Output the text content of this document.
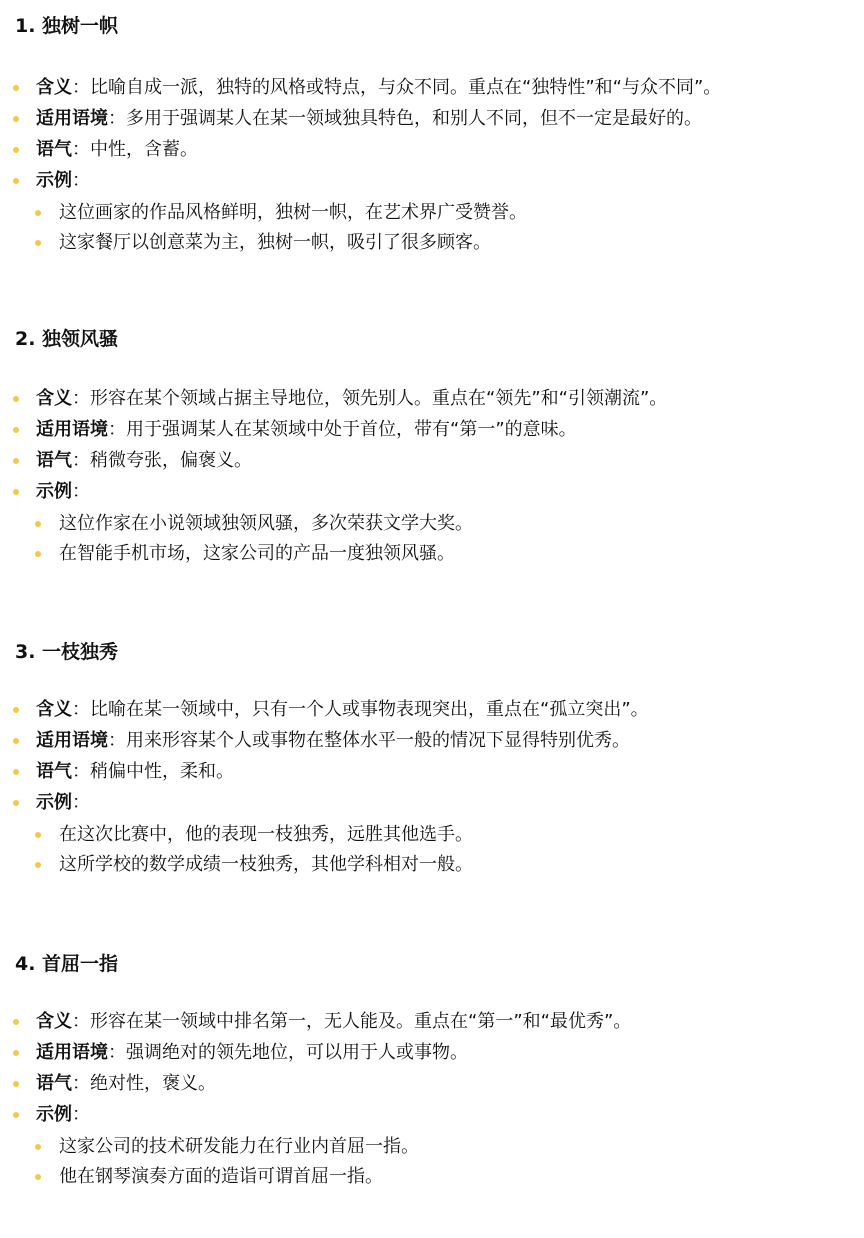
1. 独树一帜
含义：比喻自成一派，独特的风格或特点，与众不同。重点在“独特性”和“与众不同”。
适用语境：多用于强调某人在某一领域独具特色，和别人不同，但不一定是最好的。
语气：中性，含蓄。
示例：
这位画家的作品风格鲜明，独树一帜，在艺术界广受赞誉。
这家餐厅以创意菜为主，独树一帜，吸引了很多顾客。
2. 独领风骚
含义：形容在某个领域占据主导地位，领先别人。重点在“领先”和“引领潮流”。
适用语境：用于强调某人在某领域中处于首位，带有“第一”的意味。
语气：稍微夸张，偏褒义。
示例：
这位作家在小说领域独领风骚，多次荣获文学大奖。
在智能手机市场，这家公司的产品一度独领风骚。
3. 一枝独秀
含义：比喻在某一领域中，只有一个人或事物表现突出，重点在“孤立突出”。
适用语境：用来形容某个人或事物在整体水平一般的情况下显得特别优秀。
语气：稍偏中性，柔和。
示例：
在这次比赛中，他的表现一枝独秀，远胜其他选手。
这所学校的数学成绩一枝独秀，其他学科相对一般。
4. 首屈一指
含义：形容在某一领域中排名第一，无人能及。重点在“第一”和“最优秀”。
适用语境：强调绝对的领先地位，可以用于人或事物。
语气：绝对性，褒义。
示例：
这家公司的技术研发能力在行业内首屈一指。
他在钢琴演奏方面的造诣可谓首屈一指。
